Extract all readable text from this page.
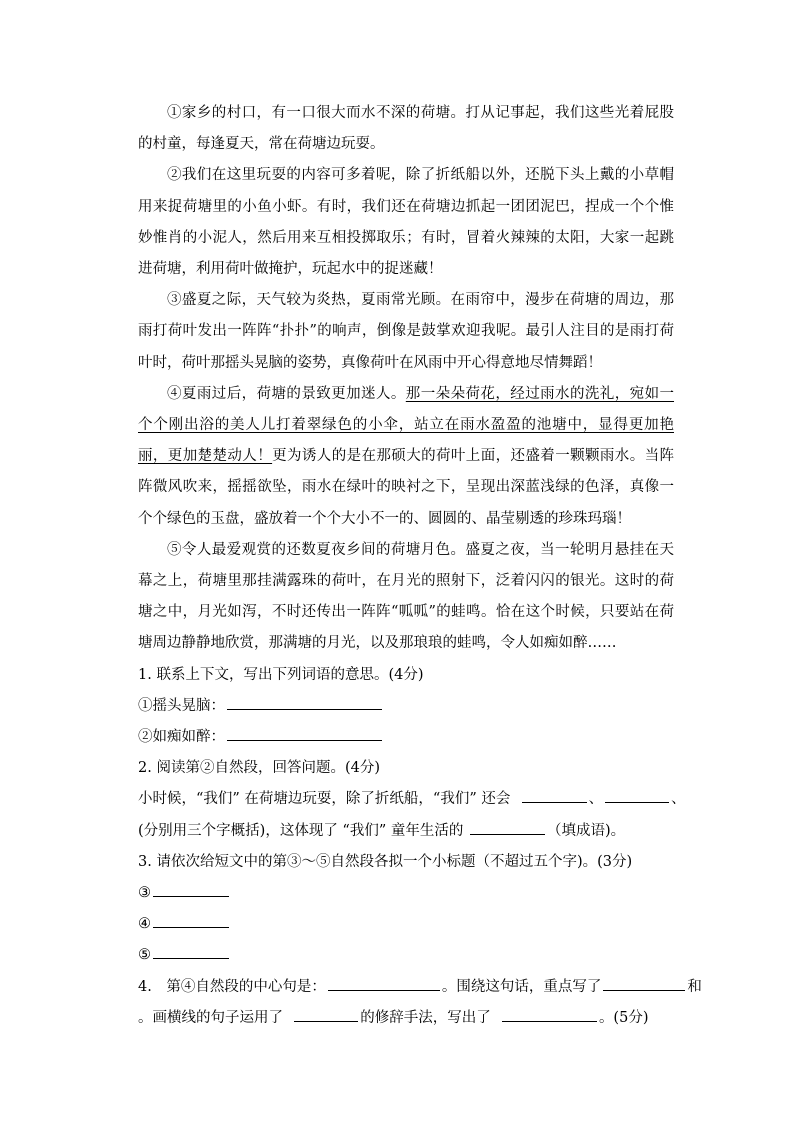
①家乡的村口，有一口很大而水不深的荷塘。打从记事起，我们这些光着屁股的村童，每逢夏天，常在荷塘边玩耍。

②我们在这里玩耍的内容可多着呢，除了折纸船以外，还脱下头上戴的小草帽用来捉荷塘里的小鱼小虾。有时，我们还在荷塘边抓起一团团泥巴，捏成一个个惟妙惟肖的小泥人，然后用来互相投掷取乐；有时，冒着火辣辣的太阳，大家一起跳进荷塘，利用荷叶做掩护，玩起水中的捉迷藏！

③盛夏之际，天气较为炎热，夏雨常光顾。在雨帘中，漫步在荷塘的周边，那雨打荷叶发出一阵阵“扑扑”的响声，倒像是鼓掌欢迎我呢。最引人注目的是雨打荷叶时，荷叶那摇头晃脑的姿势，真像荷叶在风雨中开心得意地尽情舞蹈！

④夏雨过后，荷塘的景致更加迷人。那一朵朵荷花，经过雨水的洗礼，宛如一个个刚出浴的美人儿打着翠绿色的小伞，站立在雨水盈盈的池塘中，显得更加艳丽，更加楚楚动人！更为诱人的是在那硕大的荷叶上面，还盛着一颗颗雨水。当阵阵微风吹来，摇摇欲坠，雨水在绿叶的映衬之下，呈现出深蓝浅绿的色泽，真像一个个绿色的玉盘，盛放着一个个大小不一的、圆圆的、晶莹剔透的珍珠玛瑙！

⑤令人最爱观赏的还数夏夜乡间的荷塘月色。盛夏之夜，当一轮明月悬挂在天幕之上，荷塘里那挂满露珠的荷叶，在月光的照射下，泛着闪闪的银光。这时的荷塘之中，月光如泻，不时还传出一阵阵“呱呱”的蛙鸣。恰在这个时候，只要站在荷塘周边静静地欣赏，那满塘的月光，以及那琅琅的蛙鸣，令人如痴如醉……

1. 联系上下文，写出下列词语的意思。(4分)
①摇头晃脑：
②如痴如醉：
2. 阅读第②自然段，回答问题。(4分)
小时候，“我们” 在荷塘边玩耍，除了折纸船，“我们” 还会	、	、
(分别用三个字概括)，这体现了 “我们” 童年生活的	（填成语)。
3. 请依次给短文中的第③～⑤自然段各拟一个小标题（不超过五个字)。(3分)
③
④
⑤
4.　第④自然段的中心句是：	。围绕这句话，重点写了	和
。画横线的句子运用了	的修辞手法，写出了	。(5分)
